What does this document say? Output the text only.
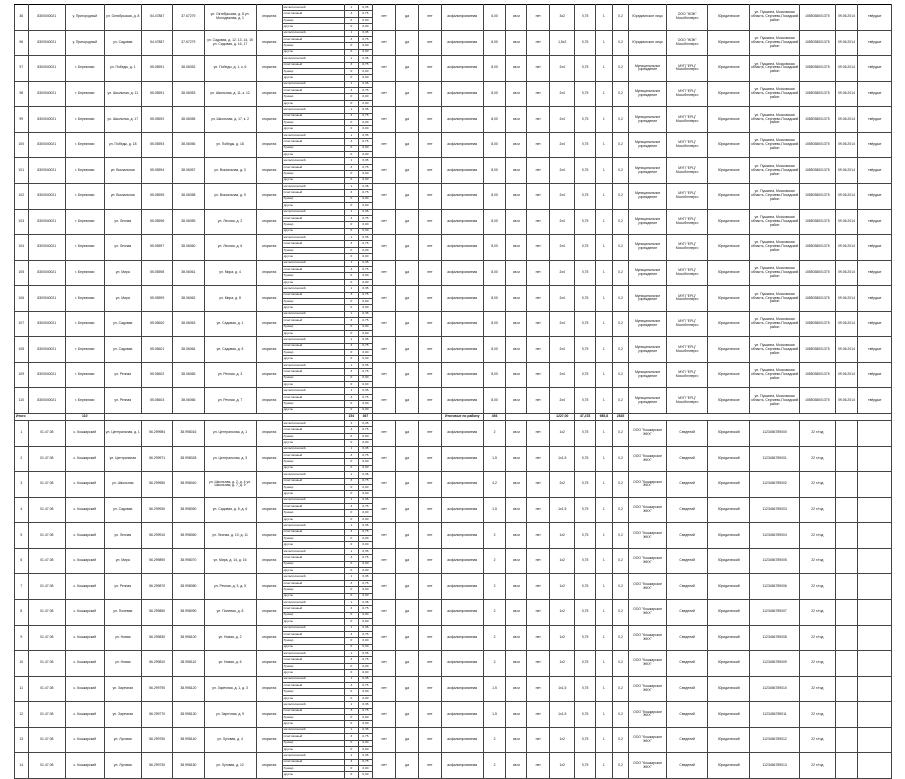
36	8300040021	у. Пригородный	ул. Октябрьская, д. 8	54.47887	37.67279	ул. Октябрьская, д. 8 ул. Молодежная, д. 1	открытая	металлический	1	0,35	нет	да	нет	асфальтированная	6,00	кв.м	нет	3х2	0,75	1	0,2	Юридическое лицо	ООО "ЖЭК" Мособлэнерго	Юридическое	ул. Пушкина, Московская область, Сергиево-Посадский район	1085038001375	09.06.2014	твёрдые
								пластиковый	3	0,75																		
								бункер	0	0,00																		
								другое	0	0,00																		
96	8300040021	у. Пригородный	ул. Садовая	54.47887	37.67279	ул. Садовая, д. 12, 13, 14, 15 ул. Садовая, д. 16, 17	открытая	металлический	1	0,35	нет	да	нет	асфальтированная	6,00	кв.м	нет	1,5х2	0,75	1	0,2	Юридическое лицо	ООО "ЖЭК" Мособлэнерго	Юридическое	ул. Пушкина, Московская область, Сергиево-Посадский район	1085038001375	09.06.2014	твёрдые
								пластиковый	3	0,75																		
								бункер	0	0,00																		
								другое	0	0,00																		
97	8300040021	г. Березники	ул. Победы, д. 1	55.05591	38.06052	ул. Победы, д. 1, к. 6	открытая	металлический	1	0,35	нет	да	нет	асфальтированная	8,00	кв.м	нет	2х4	0,75	1	0,2	Муниципальное учреждение	МУП "ЕРЦ" Мособлэнерго	Юридическое	ул. Пушкина, Московская область, Сергиево-Посадский район	1085038001375	09.06.2014	твёрдые
								пластиковый	3	0,75																		
								бункер	0	0,00																		
								другое	0	0,00																		
98	8300040021	г. Березники	ул. Школьная, д. 11	55.05591	38.06053	ул. Школьная, д. 11, к. 12	открытая	металлический	1	0,35	нет	да	нет	асфальтированная	8,00	кв.м	нет	2х4	0,75	1	0,2	Муниципальное учреждение	МУП "ЕРЦ" Мособлэнерго	Юридическое	ул. Пушкина, Московская область, Сергиево-Посадский район	1085038001375	09.06.2014	твёрдые
								пластиковый	3	0,75																		
								бункер	0	0,00																		
								другое	0	0,00																		
99	8300040021	г. Березники	ул. Школьная, д. 17	55.05592	38.06055	ул. Школьная, д. 17, к. 2	открытая	металлический	1	0,35	нет	да	нет	асфальтированная	8,00	кв.м	нет	2х4	0,75	1	0,2	Муниципальное учреждение	МУП "ЕРЦ" Мособлэнерго	Юридическое	ул. Пушкина, Московская область, Сергиево-Посадский район	1085038001375	09.06.2014	твёрдые
								пластиковый	3	0,75																		
								бункер	0	0,00																		
								другое	0	0,00																		
100	8300040021	г. Березники	ул. Победы, д. 18	55.05593	38.06056	ул. Победы, д. 18	открытая	металлический	1	0,35	нет	да	нет	асфальтированная	8,00	кв.м	нет	2х4	0,75	1	0,2	Муниципальное учреждение	МУП "ЕРЦ" Мособлэнерго	Юридическое	ул. Пушкина, Московская область, Сергиево-Посадский район	1085038001375	09.06.2014	твёрдые
								пластиковый	3	0,75																		
								бункер	0	0,00																		
								другое	0	0,00																		
101	8300040021	г. Березники	ул. Вокзальная	55.05594	38.06057	ул. Вокзальная, д. 3	открытая	металлический	1	0,35	нет	да	нет	асфальтированная	8,00	кв.м	нет	2х4	0,75	1	0,2	Муниципальное учреждение	МУП "ЕРЦ" Мособлэнерго	Юридическое	ул. Пушкина, Московская область, Сергиево-Посадский район	1085038001375	09.06.2014	твёрдые
								пластиковый	3	0,75																		
								бункер	0	0,00																		
								другое	0	0,00																		
102	8300040021	г. Березники	ул. Вокзальная	55.05595	38.06058	ул. Вокзальная, д. 9	открытая	металлический	1	0,35	нет	да	нет	асфальтированная	8,00	кв.м	нет	2х4	0,75	1	0,2	Муниципальное учреждение	МУП "ЕРЦ" Мособлэнерго	Юридическое	ул. Пушкина, Московская область, Сергиево-Посадский район	1085038001375	09.06.2014	твёрдые
								пластиковый	3	0,75																		
								бункер	0	0,00																		
								другое	0	0,00																		
103	8300040021	г. Березники	ул. Лесная	55.05596	38.06059	ул. Лесная, д. 2	открытая	металлический	1	0,35	нет	да	нет	асфальтированная	8,00	кв.м	нет	2х4	0,75	1	0,2	Муниципальное учреждение	МУП "ЕРЦ" Мособлэнерго	Юридическое	ул. Пушкина, Московская область, Сергиево-Посадский район	1085038001375	09.06.2014	твёрдые
								пластиковый	3	0,75																		
								бункер	0	0,00																		
								другое	0	0,00																		
104	8300040021	г. Березники	ул. Лесная	55.05597	38.06060	ул. Лесная, д. 6	открытая	металлический	1	0,35	нет	да	нет	асфальтированная	8,00	кв.м	нет	2х4	0,75	1	0,2	Муниципальное учреждение	МУП "ЕРЦ" Мособлэнерго	Юридическое	ул. Пушкина, Московская область, Сергиево-Посадский район	1085038001375	09.06.2014	твёрдые
								пластиковый	3	0,75																		
								бункер	0	0,00																		
								другое	0	0,00																		
105	8300040021	г. Березники	ул. Мира	55.05598	38.06061	ул. Мира, д. 4	открытая	металлический	1	0,35	нет	да	нет	асфальтированная	8,00	кв.м	нет	2х4	0,75	1	0,2	Муниципальное учреждение	МУП "ЕРЦ" Мособлэнерго	Юридическое	ул. Пушкина, Московская область, Сергиево-Посадский район	1085038001375	09.06.2014	твёрдые
								пластиковый	3	0,75																		
								бункер	0	0,00																		
								другое	0	0,00																		
106	8300040021	г. Березники	ул. Мира	55.05599	38.06062	ул. Мира, д. 8	открытая	металлический	1	0,35	нет	да	нет	асфальтированная	8,00	кв.м	нет	2х4	0,75	1	0,2	Муниципальное учреждение	МУП "ЕРЦ" Мособлэнерго	Юридическое	ул. Пушкина, Московская область, Сергиево-Посадский район	1085038001375	09.06.2014	твёрдые
								пластиковый	3	0,75																		
								бункер	0	0,00																		
								другое	0	0,00																		
107	8300040021	г. Березники	ул. Садовая	55.05600	38.06063	ул. Садовая, д. 1	открытая	металлический	1	0,35	нет	да	нет	асфальтированная	8,00	кв.м	нет	2х4	0,75	1	0,2	Муниципальное учреждение	МУП "ЕРЦ" Мособлэнерго	Юридическое	ул. Пушкина, Московская область, Сергиево-Посадский район	1085038001375	09.06.2014	твёрдые
								пластиковый	3	0,75																		
								бункер	0	0,00																		
								другое	0	0,00																		
108	8300040021	г. Березники	ул. Садовая	55.05601	38.06064	ул. Садовая, д. 5	открытая	металлический	1	0,35	нет	да	нет	асфальтированная	8,00	кв.м	нет	2х4	0,75	1	0,2	Муниципальное учреждение	МУП "ЕРЦ" Мособлэнерго	Юридическое	ул. Пушкина, Московская область, Сергиево-Посадский район	1085038001375	09.06.2014	твёрдые
								пластиковый	3	0,75																		
								бункер	0	0,00																		
								другое	0	0,00																		
109	8300040021	г. Березники	ул. Речная	55.05602	38.06065	ул. Речная, д. 3	открытая	металлический	1	0,35	нет	да	нет	асфальтированная	8,00	кв.м	нет	2х4	0,75	1	0,2	Муниципальное учреждение	МУП "ЕРЦ" Мособлэнерго	Юридическое	ул. Пушкина, Московская область, Сергиево-Посадский район	1085038001375	09.06.2014	твёрдые
								пластиковый	3	0,75																		
								бункер	0	0,00																		
								другое	0	0,00																		
110	8300040021	г. Березники	ул. Речная	55.05603	38.06066	ул. Речная, д. 7	открытая	металлический	1	0,35	нет	да	нет	асфальтированная	8,00	кв.м	нет	2х4	0,75	1	0,2	Муниципальное учреждение	МУП "ЕРЦ" Мособлэнерго	Юридическое	ул. Пушкина, Московская область, Сергиево-Посадский район	1085038001375	09.06.2014	твёрдые
								пластиковый	3	0,75																		
								бункер	0	0,00																		
								другое	0	0,00																		
Итого		110							154	367				Итоговые по району	494			1227,00	47,478	985,8	2845							
1	01.47.08	с. Кошкарский	ул. Центральная, д. 1	56.299984	38.998016	ул. Центральная, д. 1	открытая	металлический	1	0,35	нет	да	нет	асфальтированная	2	кв.м	нет	1х2	0,75	1	0,2	ООО "Кошкарское ЖКХ"	Сведений	Юридический	1123456789000	22 т/год		
								пластиковый	3	0,75																		
								бункер	0	0,00																		
								другое	0	0,00																		
2	01.47.08	с. Кошкарский	ул. Центральная	56.299971	38.998028	ул. Центральная, д. 3	открытая	металлический	1	0,35	нет	да	нет	асфальтированная	1,5	кв.м	нет	1х1,5	0,75	1	0,2	ООО "Кошкарское ЖКХ"	Сведений	Юридический	1123456789001	22 т/год		
								пластиковый	3	0,75																		
								бункер	0	0,00																		
								другое	0	0,00																		
3	01.47.08	с. Кошкарский	ул. Школьная	56.299950	38.998040	ул. Школьная, д. 2, д. 4 ул. Школьная, д. 7, д. 9	открытая	металлический	1	0,35	нет	да	нет	асфальтированная	4,2	кв.м	нет	2х2	0,75	1	0,2	ООО "Кошкарское ЖКХ"	Сведений	Юридический	1123456789002	22 т/год		
								пластиковый	3	0,75																		
								бункер	0	0,00																		
								другое	0	0,00																		
4	01.47.08	с. Кошкарский	ул. Садовая	56.299930	38.998050	ул. Садовая, д. 5, д. 6	открытая	металлический	1	0,35	нет	да	нет	асфальтированная	1,5	кв.м	нет	1х1,5	0,75	1	0,2	ООО "Кошкарское ЖКХ"	Сведений	Юридический	1123456789003	22 т/год		
								пластиковый	3	0,75																		
								бункер	0	0,00																		
								другое	0	0,00																		
5	01.47.08	с. Кошкарский	ул. Лесная	56.299910	38.998060	ул. Лесная, д. 10, д. 11	открытая	металлический	1	0,35	нет	да	нет	асфальтированная	2	кв.м	нет	1х2	0,75	1	0,2	ООО "Кошкарское ЖКХ"	Сведений	Юридический	1123456789004	22 т/год		
								пластиковый	3	0,75																		
								бункер	0	0,00																		
								другое	0	0,00																		
6	01.47.08	с. Кошкарский	ул. Мира	56.299890	38.998070	ул. Мира, д. 14, д. 16	открытая	металлический	1	0,35	нет	да	нет	асфальтированная	2	кв.м	нет	1х2	0,75	1	0,2	ООО "Кошкарское ЖКХ"	Сведений	Юридический	1123456789005	22 т/год		
								пластиковый	3	0,75																		
								бункер	0	0,00																		
								другое	0	0,00																		
7	01.47.08	с. Кошкарский	ул. Речная	56.299870	38.998080	ул. Речная, д. 3, д. 5	открытая	металлический	1	0,35	нет	да	нет	асфальтированная	2	кв.м	нет	1х2	0,75	1	0,2	ООО "Кошкарское ЖКХ"	Сведений	Юридический	1123456789006	22 т/год		
								пластиковый	3	0,75																		
								бункер	0	0,00																		
								другое	0	0,00																		
8	01.47.08	с. Кошкарский	ул. Полевая	56.299850	38.998090	ул. Полевая, д. 8	открытая	металлический	1	0,35	нет	да	нет	асфальтированная	2	кв.м	нет	1х2	0,75	1	0,2	ООО "Кошкарское ЖКХ"	Сведений	Юридический	1123456789007	22 т/год		
								пластиковый	3	0,75																		
								бункер	0	0,00																		
								другое	0	0,00																		
9	01.47.08	с. Кошкарский	ул. Новая	56.299830	38.998100	ул. Новая, д. 2	открытая	металлический	1	0,35	нет	да	нет	асфальтированная	2	кв.м	нет	1х2	0,75	1	0,2	ООО "Кошкарское ЖКХ"	Сведений	Юридический	1123456789008	22 т/год		
								пластиковый	3	0,75																		
								бункер	0	0,00																		
								другое	0	0,00																		
10	01.47.08	с. Кошкарский	ул. Новая	56.299810	38.998110	ул. Новая, д. 6	открытая	металлический	1	0,35	нет	да	нет	асфальтированная	2	кв.м	нет	1х2	0,75	1	0,2	ООО "Кошкарское ЖКХ"	Сведений	Юридический	1123456789009	22 т/год		
								пластиковый	3	0,75																		
								бункер	0	0,00																		
								другое	0	0,00																		
11	01.47.08	с. Кошкарский	ул. Заречная	56.299790	38.998120	ул. Заречная, д. 1, д. 3	открытая	металлический	1	0,35	нет	да	нет	асфальтированная	1,5	кв.м	нет	1х1,5	0,75	1	0,2	ООО "Кошкарское ЖКХ"	Сведений	Юридический	1123456789010	22 т/год		
								пластиковый	3	0,75																		
								бункер	0	0,00																		
								другое	0	0,00																		
12	01.47.08	с. Кошкарский	ул. Заречная	56.299770	38.998130	ул. Заречная, д. 9	открытая	металлический	1	0,35	нет	да	нет	асфальтированная	1,5	кв.м	нет	1х1,5	0,75	1	0,2	ООО "Кошкарское ЖКХ"	Сведений	Юридический	1123456789011	22 т/год		
								пластиковый	3	0,75																		
								бункер	0	0,00																		
								другое	0	0,00																		
13	01.47.08	с. Кошкарский	ул. Луговая	56.299750	38.998140	ул. Луговая, д. 4	открытая	металлический	1	0,35	нет	да	нет	асфальтированная	2	кв.м	нет	1х2	0,75	1	0,2	ООО "Кошкарское ЖКХ"	Сведений	Юридический	1123456789012	22 т/год		
								пластиковый	3	0,75																		
								бункер	0	0,00																		
								другое	0	0,00																		
14	01.47.08	с. Кошкарский	ул. Луговая	56.299730	38.998150	ул. Луговая, д. 12	открытая	металлический	1	0,35	нет	да	нет	асфальтированная	2	кв.м	нет	1х2	0,75	1	0,2	ООО "Кошкарское ЖКХ"	Сведений	Юридический	1123456789013	22 т/год		
								пластиковый	3	0,75																		
								бункер	0	0,00																		
								другое	0	0,00																		
